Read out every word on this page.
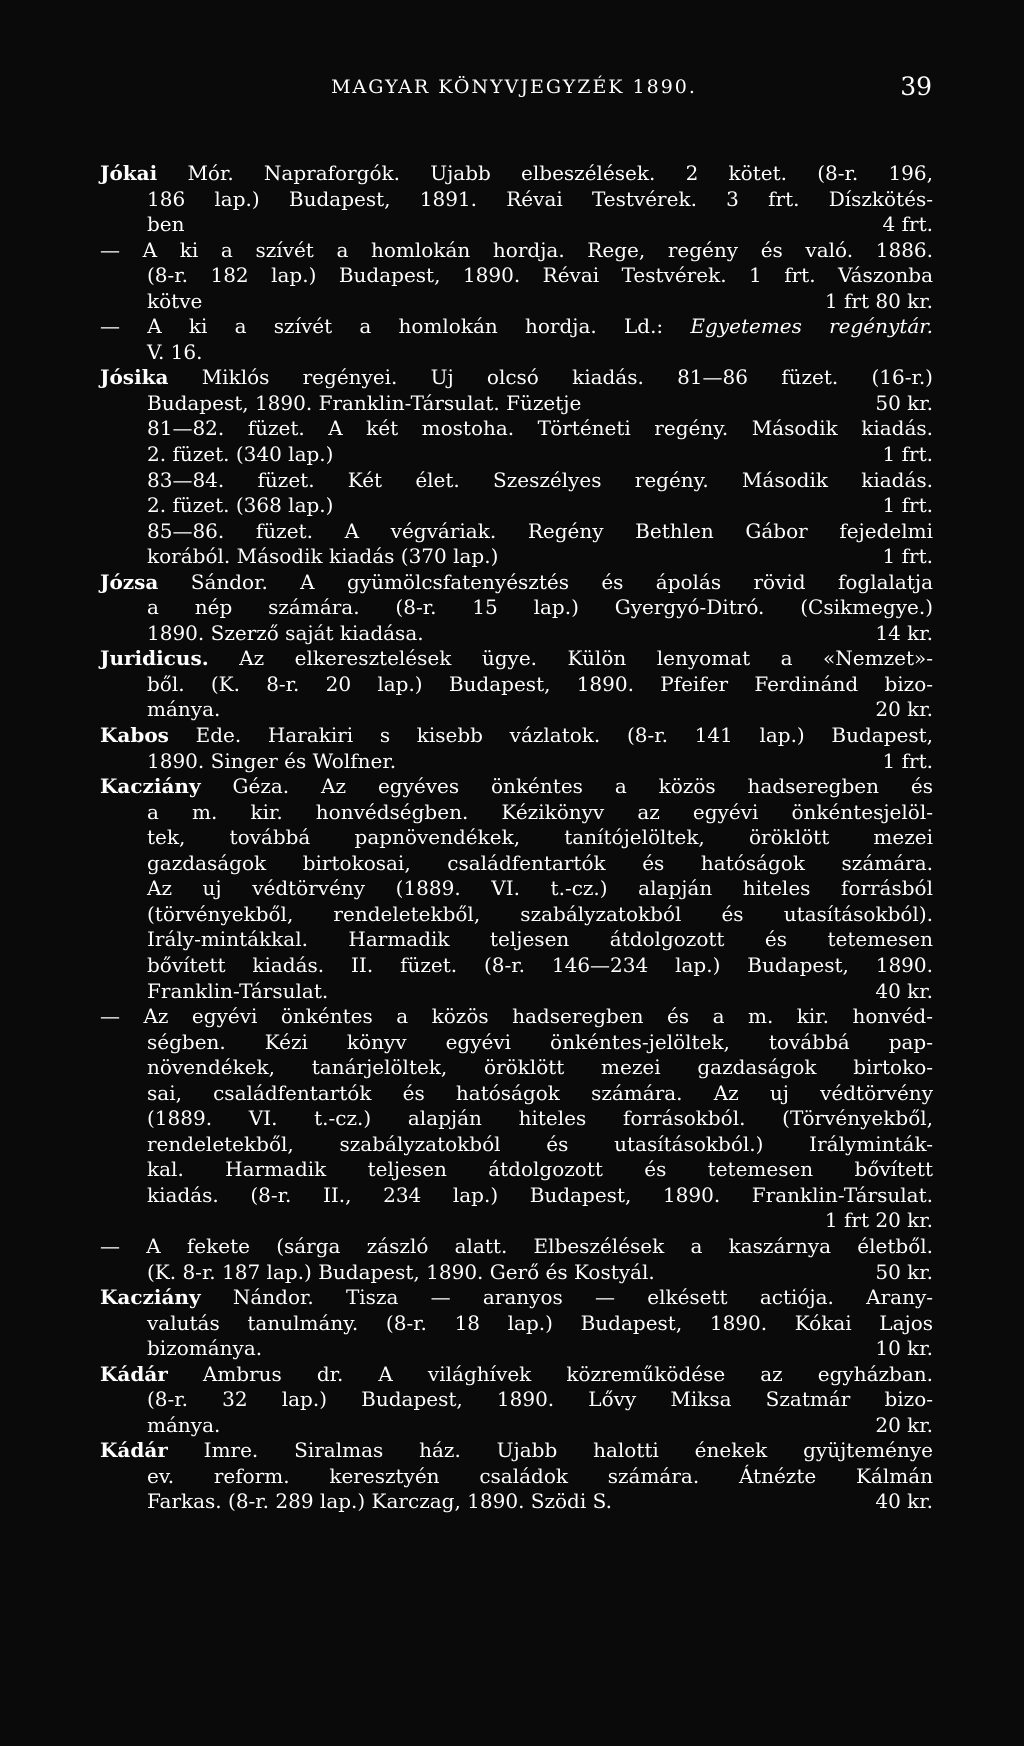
MAGYAR KÖNYVJEGYZÉK 1890.	39
Jókai Mór. Napraforgók. Ujabb elbeszélések. 2 kötet. (8-r. 196,
186 lap.) Budapest, 1891. Révai Testvérek. 3 frt. Díszkötés-
ben	4 frt.
— A ki a szívét a homlokán hordja. Rege, regény és való. 1886.
(8-r. 182 lap.) Budapest, 1890. Révai Testvérek. 1 frt. Vászonba
kötve	1 frt 80 kr.
— A ki a szívét a homlokán hordja. Ld.: Egyetemes regénytár.
V. 16.
Jósika Miklós regényei. Uj olcsó kiadás. 81—86 füzet. (16-r.)
Budapest, 1890. Franklin-Társulat. Füzetje	50 kr.
81—82. füzet. A két mostoha. Történeti regény. Második kiadás.
2. füzet. (340 lap.)	1 frt.
83—84. füzet. Két élet. Szeszélyes regény. Második kiadás.
2. füzet. (368 lap.)	1 frt.
85—86. füzet. A végváriak. Regény Bethlen Gábor fejedelmi
korából. Második kiadás (370 lap.)	1 frt.
Józsa Sándor. A gyümölcsfatenyésztés és ápolás rövid foglalatja
a nép számára. (8-r. 15 lap.) Gyergyó-Ditró. (Csikmegye.)
1890. Szerző saját kiadása.	14 kr.
Juridicus. Az elkeresztelések ügye. Külön lenyomat a «Nemzet»-
ből. (K. 8-r. 20 lap.) Budapest, 1890. Pfeifer Ferdinánd bizo-
mánya.	20 kr.
Kabos Ede. Harakiri s kisebb vázlatok. (8-r. 141 lap.) Budapest,
1890. Singer és Wolfner.	1 frt.
Kacziány Géza. Az egyéves önkéntes a közös hadseregben és
a m. kir. honvédségben. Kézikönyv az egyévi önkéntesjelöl-
tek, továbbá papnövendékek, tanítójelöltek, öröklött mezei
gazdaságok birtokosai, családfentartók és hatóságok számára.
Az uj védtörvény (1889. VI. t.-cz.) alapján hiteles forrásból
(törvényekből, rendeletekből, szabályzatokból és utasításokból).
Irály-mintákkal. Harmadik teljesen átdolgozott és tetemesen
bővített kiadás. II. füzet. (8-r. 146—234 lap.) Budapest, 1890.
Franklin-Társulat.	40 kr.
— Az egyévi önkéntes a közös hadseregben és a m. kir. honvéd-
ségben. Kézi könyv egyévi önkéntes-jelöltek, továbbá pap-
növendékek, tanárjelöltek, öröklött mezei gazdaságok birtoko-
sai, családfentartók és hatóságok számára. Az uj védtörvény
(1889. VI. t.-cz.) alapján hiteles forrásokból. (Törvényekből,
rendeletekből, szabályzatokból és utasításokból.) Irályminták-
kal. Harmadik teljesen átdolgozott és tetemesen bővített
kiadás. (8-r. II., 234 lap.) Budapest, 1890. Franklin-Társulat.
1 frt 20 kr.
— A fekete (sárga zászló alatt. Elbeszélések a kaszárnya életből.
(K. 8-r. 187 lap.) Budapest, 1890. Gerő és Kostyál.	50 kr.
Kacziány Nándor. Tisza — aranyos — elkésett actiója. Arany-
valutás tanulmány. (8-r. 18 lap.) Budapest, 1890. Kókai Lajos
bizománya.	10 kr.
Kádár Ambrus dr. A világhívek közreműködése az egyházban.
(8-r. 32 lap.) Budapest, 1890. Lővy Miksa Szatmár bizo-
mánya.	20 kr.
Kádár Imre. Siralmas ház. Ujabb halotti énekek gyüjteménye
ev. reform. keresztyén családok számára. Átnézte Kálmán
Farkas. (8-r. 289 lap.) Karczag, 1890. Szödi S.	40 kr.
